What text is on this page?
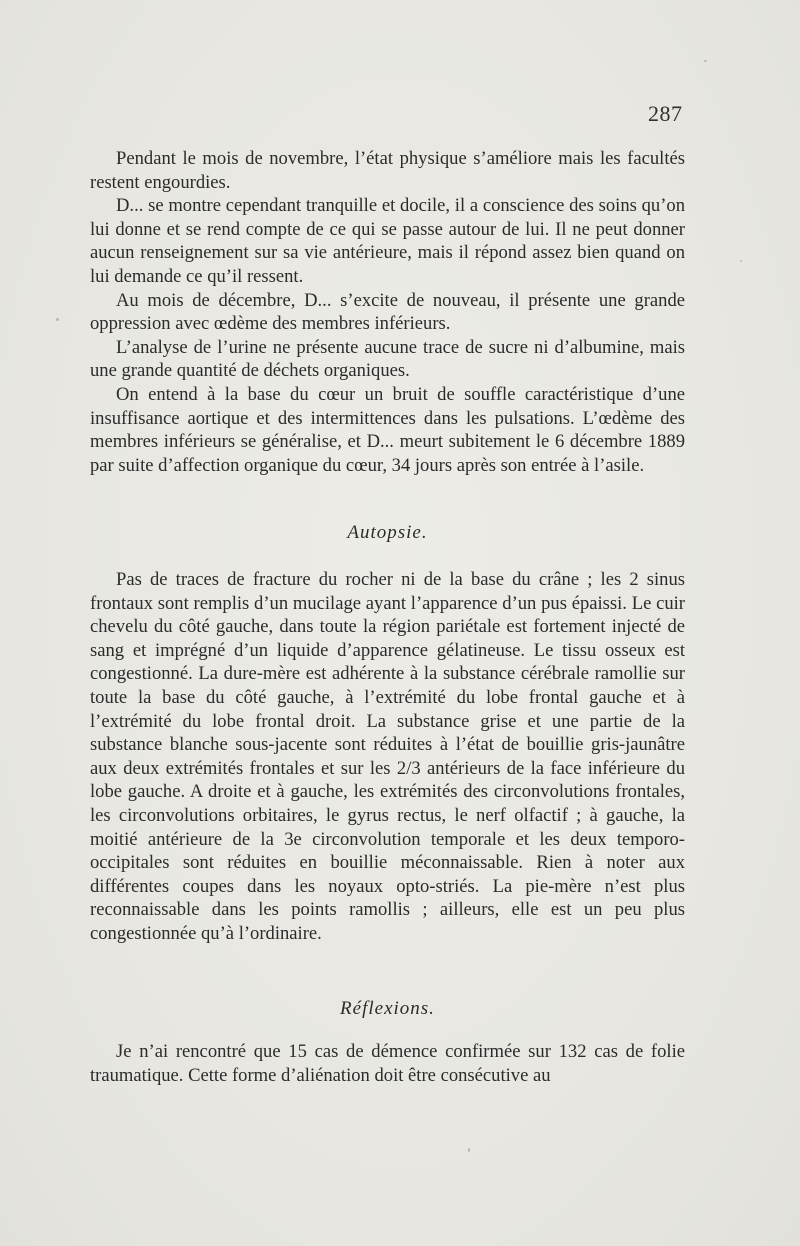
287

Pendant le mois de novembre, l’état physique s’améliore mais les facultés restent engourdies.

D... se montre cependant tranquille et docile, il a conscience des soins qu’on lui donne et se rend compte de ce qui se passe autour de lui. Il ne peut donner aucun renseignement sur sa vie antérieure, mais il répond assez bien quand on lui demande ce qu’il ressent.

Au mois de décembre, D... s’excite de nouveau, il présente une grande oppression avec œdème des membres inférieurs.

L’analyse de l’urine ne présente aucune trace de sucre ni d’albumine, mais une grande quantité de déchets organiques.

On entend à la base du cœur un bruit de souffle caractéristique d’une insuffisance aortique et des intermittences dans les pulsations. L’œdème des membres inférieurs se généralise, et D... meurt subitement le 6 décembre 1889 par suite d’affection organique du cœur, 34 jours après son entrée à l’asile.

Autopsie.

Pas de traces de fracture du rocher ni de la base du crâne ; les 2 sinus frontaux sont remplis d’un mucilage ayant l’apparence d’un pus épaissi. Le cuir chevelu du côté gauche, dans toute la région pariétale est fortement injecté de sang et imprégné d’un liquide d’apparence gélatineuse. Le tissu osseux est congestionné. La dure-mère est adhérente à la substance cérébrale ramollie sur toute la base du côté gauche, à l’extrémité du lobe frontal gauche et à l’extrémité du lobe frontal droit. La substance grise et une partie de la substance blanche sous-jacente sont réduites à l’état de bouillie gris-jaunâtre aux deux extrémités frontales et sur les 2/3 antérieurs de la face inférieure du lobe gauche. A droite et à gauche, les extrémités des circonvolutions frontales, les circonvolutions orbitaires, le gyrus rectus, le nerf olfactif ; à gauche, la moitié antérieure de la 3e circonvolution temporale et les deux temporo-occipitales sont réduites en bouillie méconnaissable. Rien à noter aux différentes coupes dans les noyaux opto-striés. La pie-mère n’est plus reconnaissable dans les points ramollis ; ailleurs, elle est un peu plus congestionnée qu’à l’ordinaire.

Réflexions.

Je n’ai rencontré que 15 cas de démence confirmée sur 132 cas de folie traumatique. Cette forme d’aliénation doit être consécutive au
